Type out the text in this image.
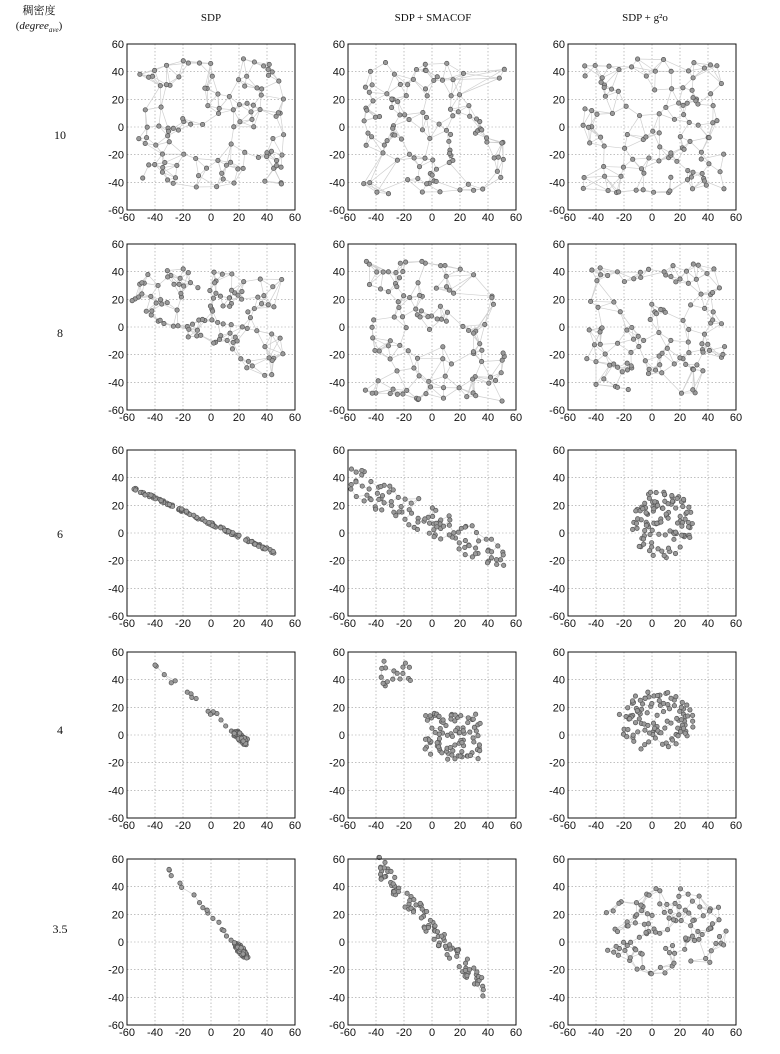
稠密度
(degree$_{ave}$)
SDP	SDP + SMACOF	SDP + g²o
10
8
6
4
3.5
-60 -40 -20 0 20 40 60
-60
-40
-20
0
20
40
60
-60 -40 -20 0 20 40 60
-60
-40
-20
0
20
40
60
-60 -40 -20 0 20 40 60
-60
-40
-20
0
20
40
60
-60 -40 -20 0 20 40 60
-60
-40
-20
0
20
40
60
-60 -40 -20 0 20 40 60
-60
-40
-20
0
20
40
60
-60 -40 -20 0 20 40 60
-60
-40
-20
0
20
40
60
-60 -40 -20 0 20 40 60
-60
-40
-20
0
20
40
60
-60 -40 -20 0 20 40 60
-60
-40
-20
0
20
40
60
-60 -40 -20 0 20 40 60
-60
-40
-20
0
20
40
60
-60 -40 -20 0 20 40 60
-60
-40
-20
0
20
40
60
-60 -40 -20 0 20 40 60
-60
-40
-20
0
20
40
60
-60 -40 -20 0 20 40 60
-60
-40
-20
0
20
40
60
-60 -40 -20 0 20 40 60
-60
-40
-20
0
20
40
60
-60 -40 -20 0 20 40 60
-60
-40
-20
0
20
40
60
-60 -40 -20 0 20 40 60
-60
-40
-20
0
20
40
60
